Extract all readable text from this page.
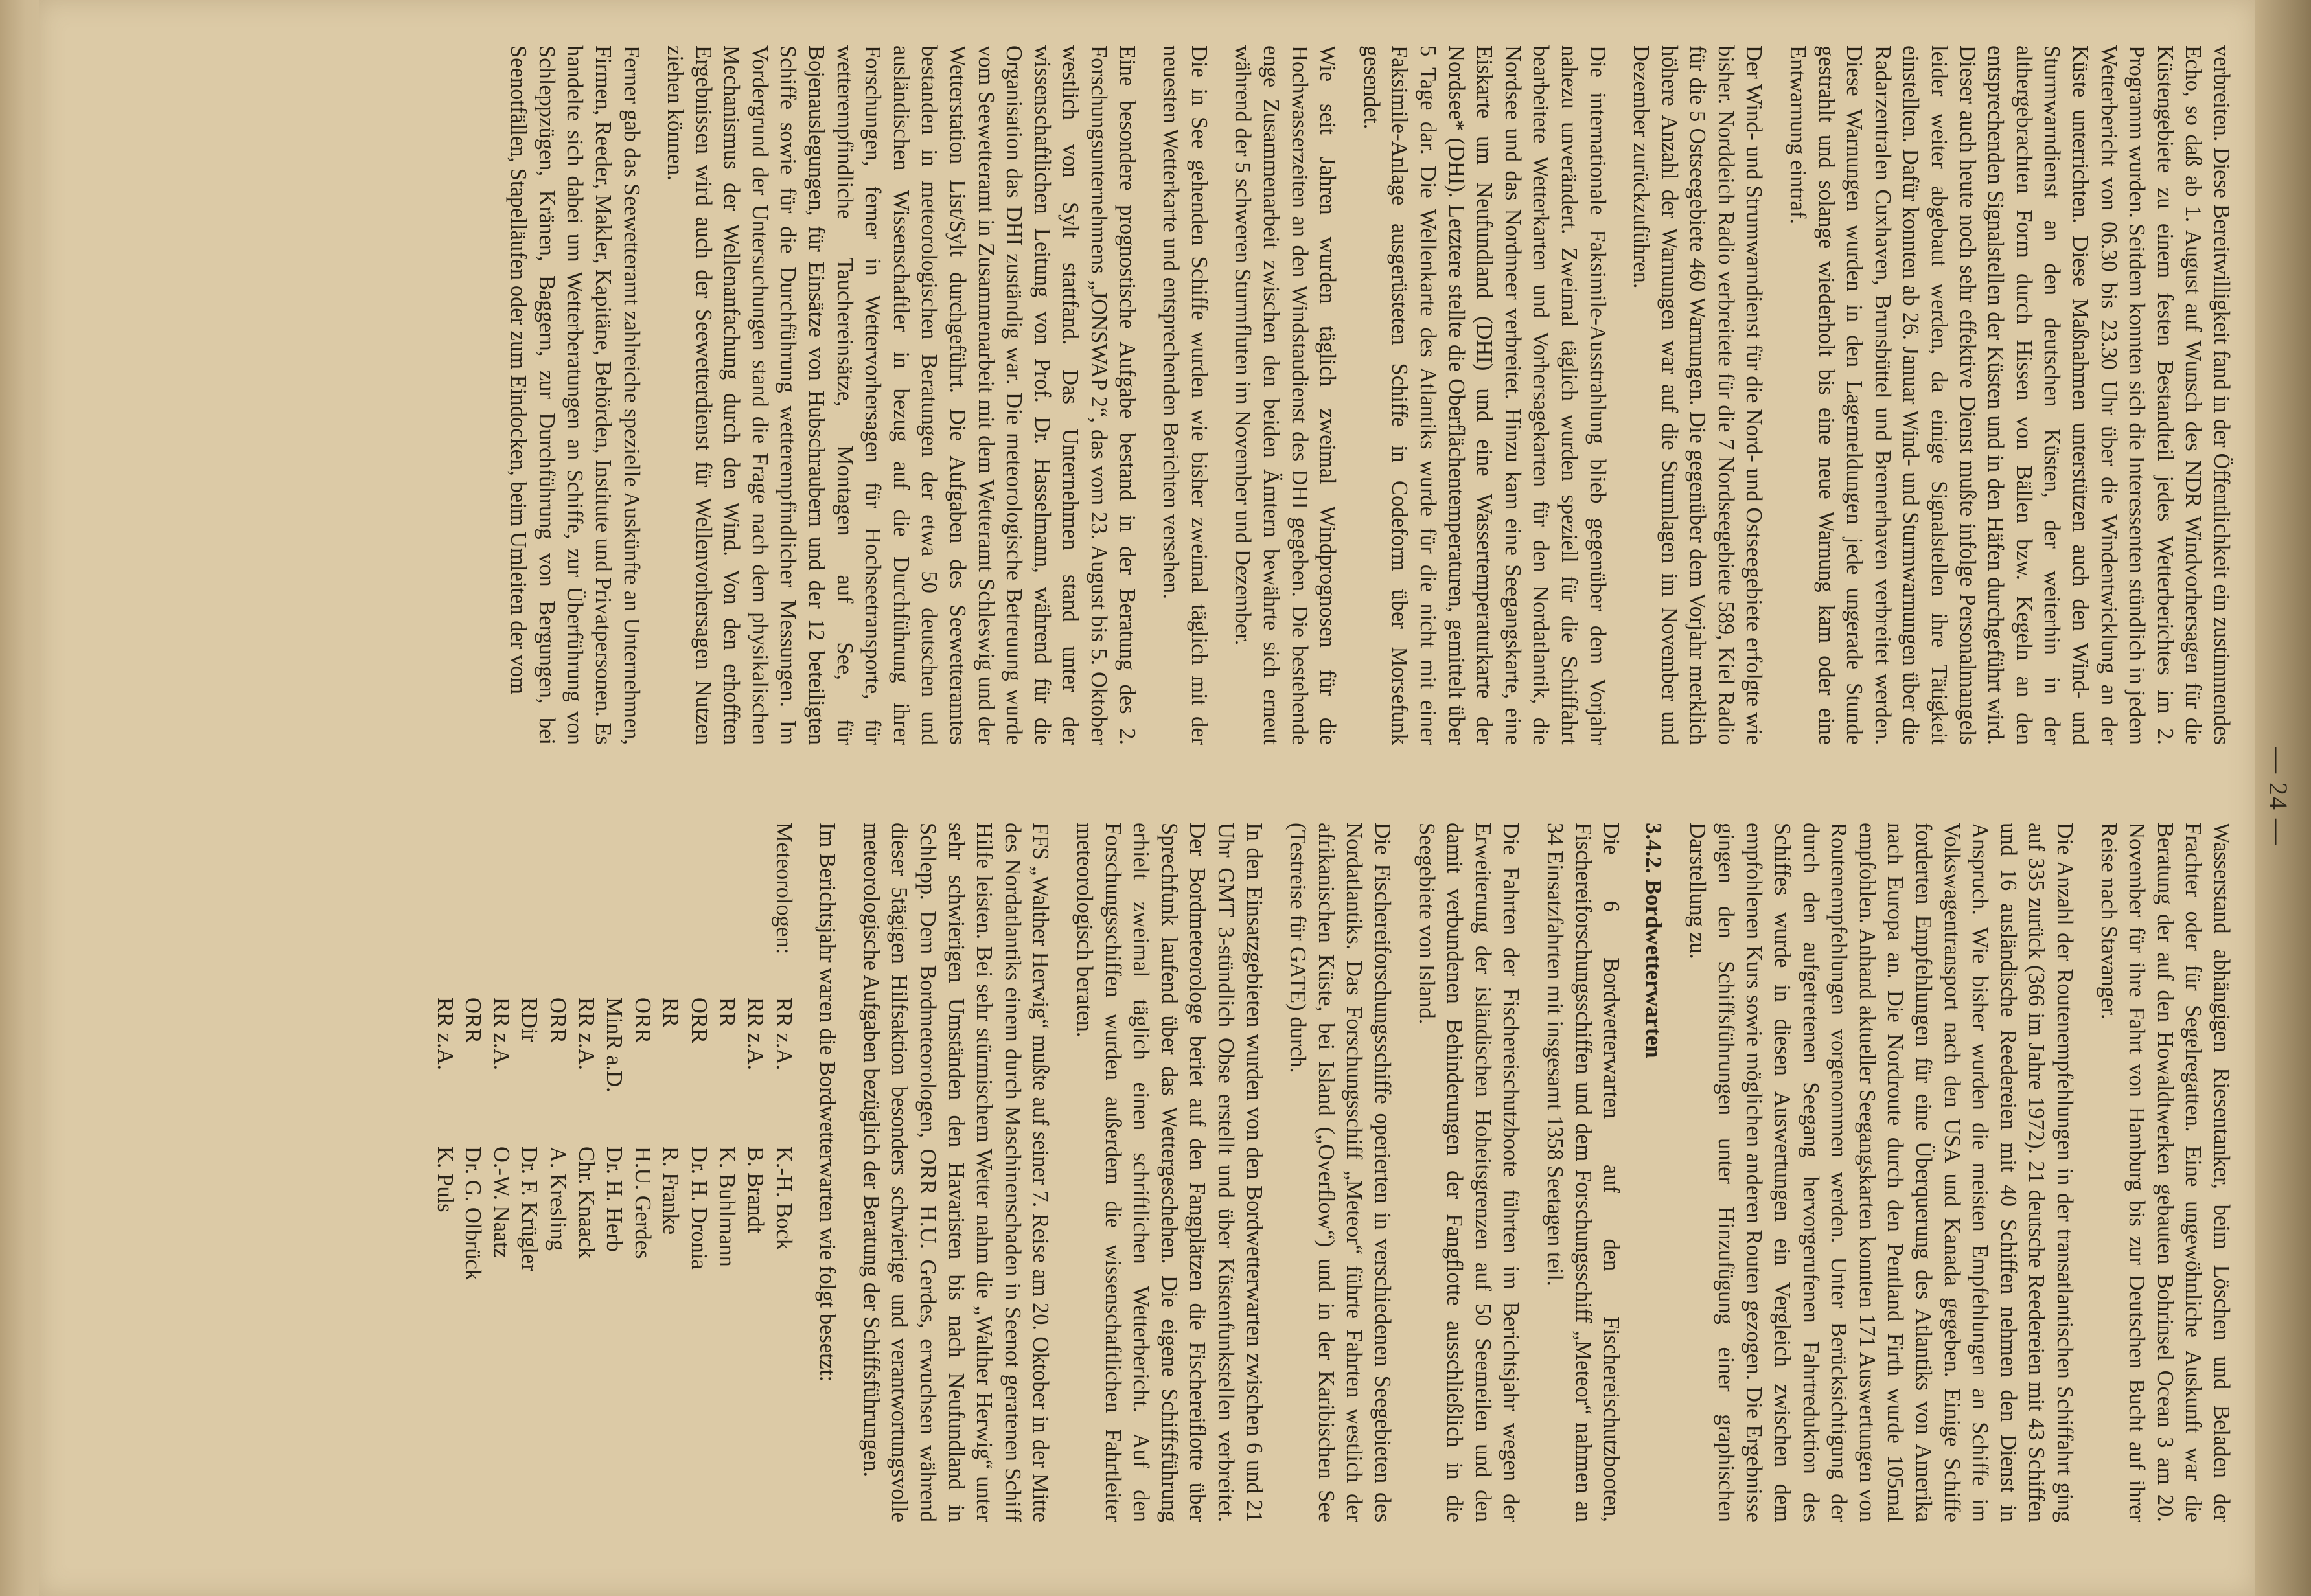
— 24 —

verbreiten. Diese Bereitwilligkeit fand in der Öffentlichkeit ein zustimmendes Echo, so daß ab 1. August auf Wunsch des NDR Windvorhersagen für die Küstengebiete zu einem festen Bestandteil jedes Wetterberichtes im 2. Programm wurden. Seitdem konnten sich die Interessenten stündlich in jedem Wetterbericht von 06.30 bis 23.30 Uhr über die Windentwicklung an der Küste unterrichten. Diese Maßnahmen unterstützen auch den Wind- und Sturmwarndienst an den deutschen Küsten, der weiterhin in der althergebrachten Form durch Hissen von Bällen bzw. Kegeln an den entsprechenden Signalstellen der Küsten und in den Häfen durchgeführt wird. Dieser auch heute noch sehr effektive Dienst mußte infolge Personalmangels leider weiter abgebaut werden, da einige Signalstellen ihre Tätigkeit einstellten. Dafür konnten ab 26. Januar Wind- und Sturmwarnungen über die Radarzentralen Cuxhaven, Brunsbüttel und Bremerhaven verbreitet werden. Diese Warnungen wurden in den Lagemeldungen jede ungerade Stunde gestrahlt und solange wiederholt bis eine neue Warnung kam oder eine Entwarnung eintraf.

Der Wind- und Strumwarndienst für die Nord- und Ostseegebiete erfolgte wie bisher. Norddeich Radio verbreitete für die 7 Nordseegebiete 589, Kiel Radio für die 5 Ostseegebiete 460 Warnungen. Die gegenüber dem Vorjahr merklich höhere Anzahl der Warnungen war auf die Sturmlagen im November und Dezember zurückzuführen.

Die internationale Faksimile-Ausstrahlung blieb gegenüber dem Vorjahr nahezu unverändert. Zweimal täglich wurden speziell für die Schiffahrt bearbeitete Wetterkarten und Vorhersagekarten für den Nordatlantik, die Nordsee und das Nordmeer verbreitet. Hinzu kam eine Seegangskarte, eine Eiskarte um Neufundland (DHI) und eine Wassertemperaturkarte der Nordsee* (DHI). Letztere stellte die Oberflächentemperaturen, gemittelt über 5 Tage dar. Die Wellenkarte des Atlantiks wurde für die nicht mit einer Faksimile-Anlage ausgerüsteten Schiffe in Codeform über Morsefunk gesendet.

Wie seit Jahren wurden täglich zweimal Windprognosen für die Hochwasserzeiten an den Windstaudienst des DHI gegeben. Die bestehende enge Zusammenarbeit zwischen den beiden Ämtern bewährte sich erneut während der 5 schweren Sturmfluten im November und Dezember.

Die in See gehenden Schiffe wurden wie bisher zweimal täglich mit der neuesten Wetterkarte und entsprechenden Berichten versehen.

Eine besondere prognostische Aufgabe bestand in der Beratung des 2. Forschungsunternehmens „JONSWAP 2“, das vom 23. August bis 5. Oktober westlich von Sylt stattfand. Das Unternehmen stand unter der wissenschaftlichen Leitung von Prof. Dr. Hasselmann, während für die Organisation das DHI zuständig war. Die meteorologische Betreuung wurde vom Seewetteramt in Zusammenarbeit mit dem Wetteramt Schleswig und der Wetterstation List/Sylt durchgeführt. Die Aufgaben des Seewetteramtes bestanden in meteorologischen Beratungen der etwa 50 deutschen und ausländischen Wissenschaftler in bezug auf die Durchführung ihrer Forschungen, ferner in Wettervorhersagen für Hochseetransporte, für wetterempfindliche Tauchereinsätze, Montagen auf See, für Bojenauslegungen, für Einsätze von Hubschraubern und der 12 beteiligten Schiffe sowie für die Durchführung wetterempfindlicher Messungen. Im Vordergrund der Untersuchungen stand die Frage nach dem physikalischen Mechanismus der Wellenanfachung durch den Wind. Von den erhofften Ergebnissen wird auch der Seewetterdienst für Wellenvorhersagen Nutzen ziehen können.

Ferner gab das Seewetteramt zahlreiche spezielle Auskünfte an Unternehmen, Firmen, Reeder, Makler, Kapitäne, Behörden, Institute und Privatpersonen. Es handelte sich dabei um Wetterberatungen an Schiffe, zur Überführung von Schleppzügen, Kränen, Baggern, zur Durchführung von Bergungen, bei Seenotfällen, Stapelläufen oder zum Eindocken, beim Umleiten der vom

Wasserstand abhängigen Riesentanker, beim Löschen und Beladen der Frachter oder für Segelregatten. Eine ungewöhnliche Auskunft war die Beratung der auf den Howaldtwerken gebauten Bohrinsel Ocean 3 am 20. November für ihre Fahrt von Hamburg bis zur Deutschen Bucht auf ihrer Reise nach Stavanger.

Die Anzahl der Routenempfehlungen in der transatlantischen Schiffahrt ging auf 335 zurück (366 im Jahre 1972). 21 deutsche Reedereien mit 43 Schiffen und 16 ausländische Reedereien mit 40 Schiffen nehmen den Dienst in Anspruch. Wie bisher wurden die meisten Empfehlungen an Schiffe im Volkswagentransport nach den USA und Kanada gegeben. Einige Schiffe forderten Empfehlungen für eine Überquerung des Atlantiks von Amerika nach Europa an. Die Nordroute durch den Pentland Firth wurde 105mal empfohlen. Anhand aktueller Seegangskarten konnten 171 Auswertungen von Routenempfehlungen vorgenommen werden. Unter Berücksichtigung der durch den aufgetretenen Seegang hervorgerufenen Fahrtreduktion des Schiffes wurde in diesen Auswertungen ein Vergleich zwischen dem empfohlenen Kurs sowie möglichen anderen Routen gezogen. Die Ergebnisse gingen den Schiffsführungen unter Hinzufügung einer graphischen Darstellung zu.

3.4.2. Bordwetterwarten

Die 6 Bordwetterwarten auf den Fischereischutzbooten, Fischereiforschungsschiffen und dem Forschungsschiff „Meteor“ nahmen an 34 Einsatzfahrten mit insgesamt 1358 Seetagen teil.

Die Fahrten der Fischereischutzboote führten im Berichtsjahr wegen der Erweiterung der isländischen Hoheitsgrenzen auf 50 Seemeilen und den damit verbundenen Behinderungen der Fangflotte ausschließlich in die Seegebiete von Island.

Die Fischereiforschungsschiffe operierten in verschiedenen Seegebieten des Nordatlantiks. Das Forschungsschiff „Meteor“ führte Fahrten westlich der afrikanischen Küste, bei Island („Overflow“) und in der Karibischen See (Testreise für GATE) durch.

In den Einsatzgebieten wurden von den Bordwetterwarten zwischen 6 und 21 Uhr GMT 3-stündlich Obse erstellt und über Küstenfunkstellen verbreitet. Der Bordmeteorologe beriet auf den Fangplätzen die Fischereiflotte über Sprechfunk laufend über das Wettergeschehen. Die eigene Schiffsführung erhielt zweimal täglich einen schriftlichen Wetterbericht. Auf den Forschungsschiffen wurden außerdem die wissenschaftlichen Fahrtleiter meteorologisch beraten.

FFS „Walther Herwig“ mußte auf seiner 7. Reise am 20. Oktober in der Mitte des Nordatlantiks einem durch Maschinenschaden in Seenot geratenen Schiff Hilfe leisten. Bei sehr stürmischem Wetter nahm die „Walther Herwig“ unter sehr schwierigen Umständen den Havaristen bis nach Neufundland in Schlepp. Dem Bordmeteorologen, ORR H.U. Gerdes, erwuchsen während dieser 5tägigen Hilfsaktion besonders schwierige und verantwortungsvolle meteorologische Aufgaben bezüglich der Beratung der Schiffsführungen.

Im Berichtsjahr waren die Bordwetterwarten wie folgt besetzt:

Meteorologen:	RR z.A.	K.-H. Bock
	RR z.A.	B. Brandt
	RR	K. Buhlmann
	ORR	Dr. H. Dronia
	RR	R. Franke
	ORR	H.U. Gerdes
	MinR a.D.	Dr. H. Herb
	RR z.A.	Chr. Knaack
	ORR	A. Kresling
	RDir	Dr. F. Krügler
	RR z.A.	O.-W. Naatz
	ORR	Dr. G. Olbrück
	RR z.A.	K. Puls
